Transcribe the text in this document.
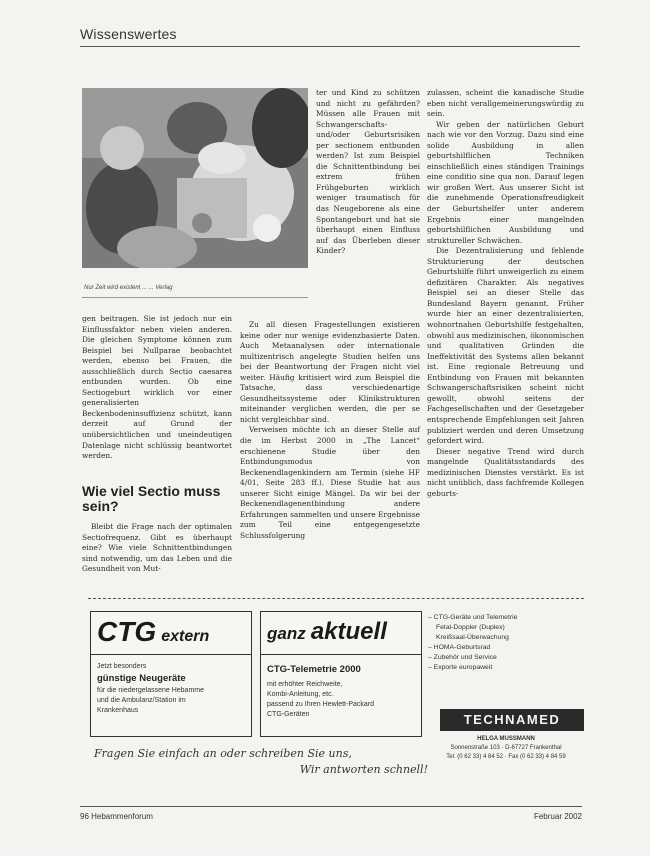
Wissenswertes
Nur Zeit wird existent ... ... Verlag

gen beitragen. Sie ist jedoch nur ein Einflussfaktor neben vielen anderen. Die gleichen Symptome können zum Beispiel bei Nullparae beobachtet werden, ebenso bei Frauen, die ausschließlich durch Sectio caesarea entbunden wurden. Ob eine Sectiogeburt wirklich vor einer generalisierten Beckenbodeninsuffizienz schützt, kann derzeit auf Grund der unübersichtlichen und uneindeutigen Datenlage nicht schlüssig beantwortet werden.

Wie viel Sectio muss sein?

Bleibt die Frage nach der optimalen Sectiofrequenz. Gibt es überhaupt eine? Wie viele Schnittentbindungen sind notwendig, um das Leben und die Gesundheit von Mut-

ter und Kind zu schützen und nicht zu gefährden? Müssen alle Frauen mit Schwangerschafts- und/oder Geburtsrisiken per sectionem entbunden werden? Ist zum Beispiel die Schnittentbindung bei extrem frühen Frühgeburten wirklich weniger traumatisch für das Neugeborene als eine Spontangeburt und hat sie überhaupt einen Einfluss auf das Überleben dieser Kinder?

Zu all diesen Fragestellungen existieren keine oder nur wenige evidenzbasierte Daten. Auch Metaanalysen oder internationale multizentrisch angelegte Studien helfen uns bei der Beantwortung der Fragen nicht viel weiter. Häufig kritisiert wird zum Beispiel die Tatsache, dass verschiedenartige Gesundheitssysteme oder Klinikstrukturen miteinander verglichen werden, die per se nicht vergleichbar sind.

Verweisen möchte ich an dieser Stelle auf die im Herbst 2000 in „The Lancet“ erschienene Studie über den Entbindungsmodus von Beckenendlagenkindern am Termin (siehe HF 4/01, Seite 283 ff.). Diese Studie hat aus unserer Sicht einige Mängel. Da wir bei der Beckenendlagenentbindung andere Erfahrungen sammelten und unsere Ergebnisse zum Teil eine entgegengesetzte Schlussfolgerung

zulassen, scheint die kanadische Studie eben nicht verallgemeinerungswürdig zu sein.

Wir geben der natürlichen Geburt nach wie vor den Vorzug. Dazu sind eine solide Ausbildung in allen geburtshilflichen Techniken einschließlich eines ständigen Trainings eine conditio sine qua non. Darauf legen wir großen Wert. Aus unserer Sicht ist die zunehmende Operationsfreudigkeit der Geburtshelfer unter anderem Ergebnis einer mangelnden geburtshilflichen Ausbildung und struktureller Schwächen.

Die Dezentralisierung und fehlende Strukturierung der deutschen Geburtshilfe führt unweigerlich zu einem defizitären Charakter. Als negatives Beispiel sei an dieser Stelle das Bundesland Bayern genannt. Früher wurde hier an einer dezentralisierten, wohnortnahen Geburtshilfe festgehalten, obwohl aus medizinischen, ökonomischen und qualitativen Gründen die Ineffektivität des Systems allen bekannt ist. Eine regionale Betreuung und Entbindung von Frauen mit bekannten Schwangerschaftsrisiken scheint nicht gewollt, obwohl seitens der Fachgesellschaften und der Gesetzgeber entsprechende Empfehlungen seit Jahren publiziert werden und deren Umsetzung gefordert wird.

Dieser negative Trend wird durch mangelnde Qualitätsstandards des medizinischen Dienstes verstärkt. Es ist nicht unüblich, dass fachfremde Kollegen geburts-

CTG extern
Jetzt besonders
günstige Neugeräte
für die niedergelassene Hebamme
und die Ambulanz/Station im
Krankenhaus
ganz aktuell
CTG-Telemetrie 2000
mit erhöhter Reichweite,
Kombi-Anleitung, etc.
passend zu Ihren Hewlett-Packard
CTG-Geräten
– CTG-Geräte und Telemetrie
Fetal-Doppler (Duplex)
Kreißsaal-Überwachung
– HOMA-Geburtsrad
– Zubehör und Service
– Exporte europaweit
TECHNAMED
HELGA MUSSMANN
Sonnenstraße 103 · D-67727 Frankenthal
Tel. (0 62 33) 4 84 52 · Fax (0 62 33) 4 84 59
Fragen Sie einfach an oder schreiben Sie uns,
Wir antworten schnell!
96 Hebammenforum	Februar 2002
